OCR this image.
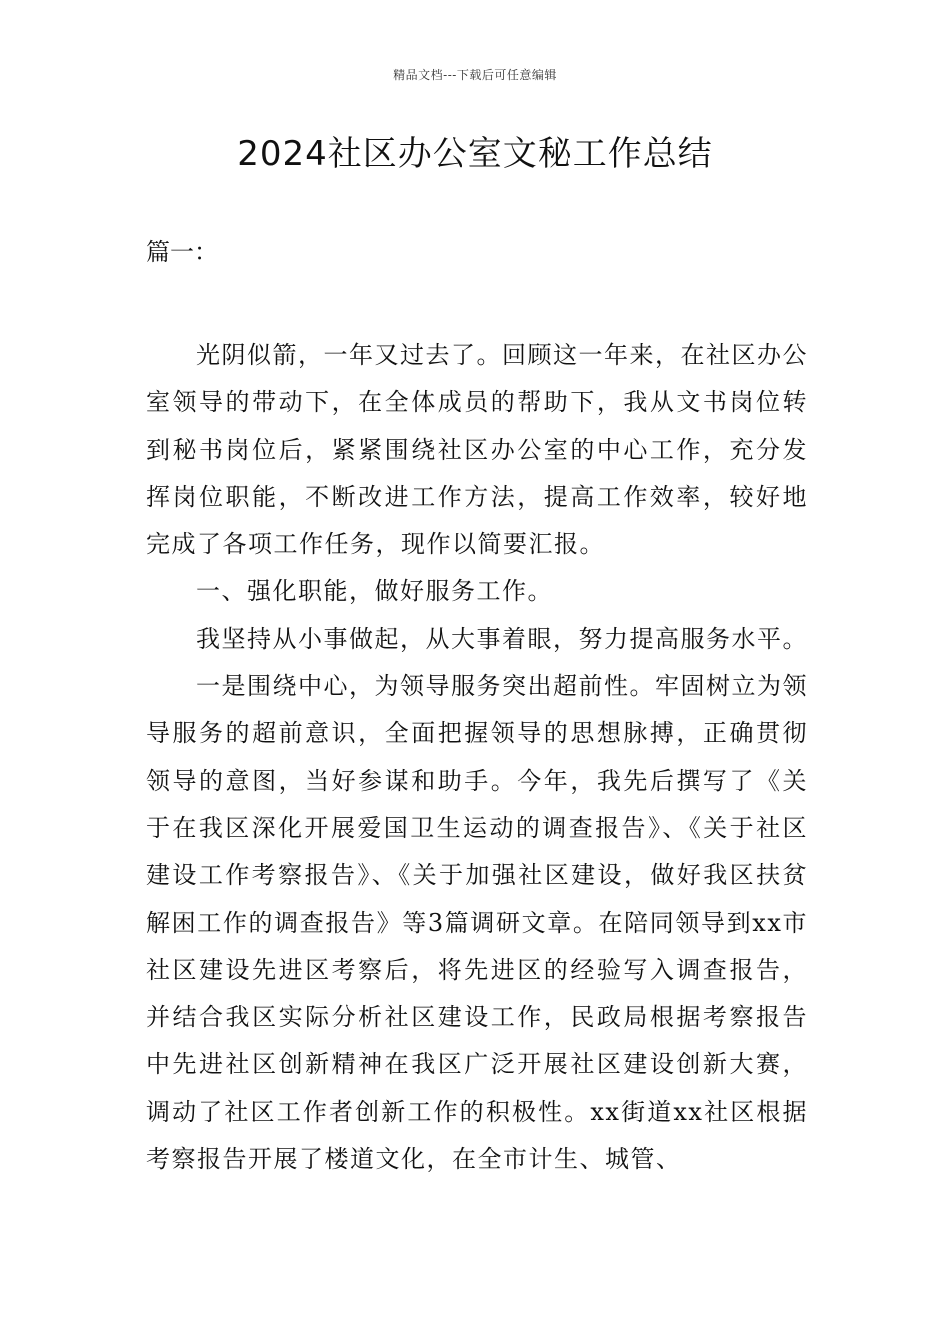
精品文档---下载后可任意编辑
2024社区办公室文秘工作总结
篇一：

光阴似箭，一年又过去了。回顾这一年来，在社区办公室领导的带动下，在全体成员的帮助下，我从文书岗位转到秘书岗位后，紧紧围绕社区办公室的中心工作，充分发挥岗位职能，不断改进工作方法，提高工作效率，较好地完成了各项工作任务，现作以简要汇报。

一、强化职能，做好服务工作。

我坚持从小事做起，从大事着眼，努力提高服务水平。

一是围绕中心，为领导服务突出超前性。牢固树立为领导服务的超前意识，全面把握领导的思想脉搏，正确贯彻领导的意图，当好参谋和助手。今年，我先后撰写了《关于在我区深化开展爱国卫生运动的调查报告》、《关于社区建设工作考察报告》、《关于加强社区建设，做好我区扶贫解困工作的调查报告》等3篇调研文章。在陪同领导到xx市社区建设先进区考察后，将先进区的经验写入调查报告，并结合我区实际分析社区建设工作，民政局根据考察报告中先进社区创新精神在我区广泛开展社区建设创新大赛，调动了社区工作者创新工作的积极性。xx街道xx社区根据考察报告开展了楼道文化，在全市计生、城管、
